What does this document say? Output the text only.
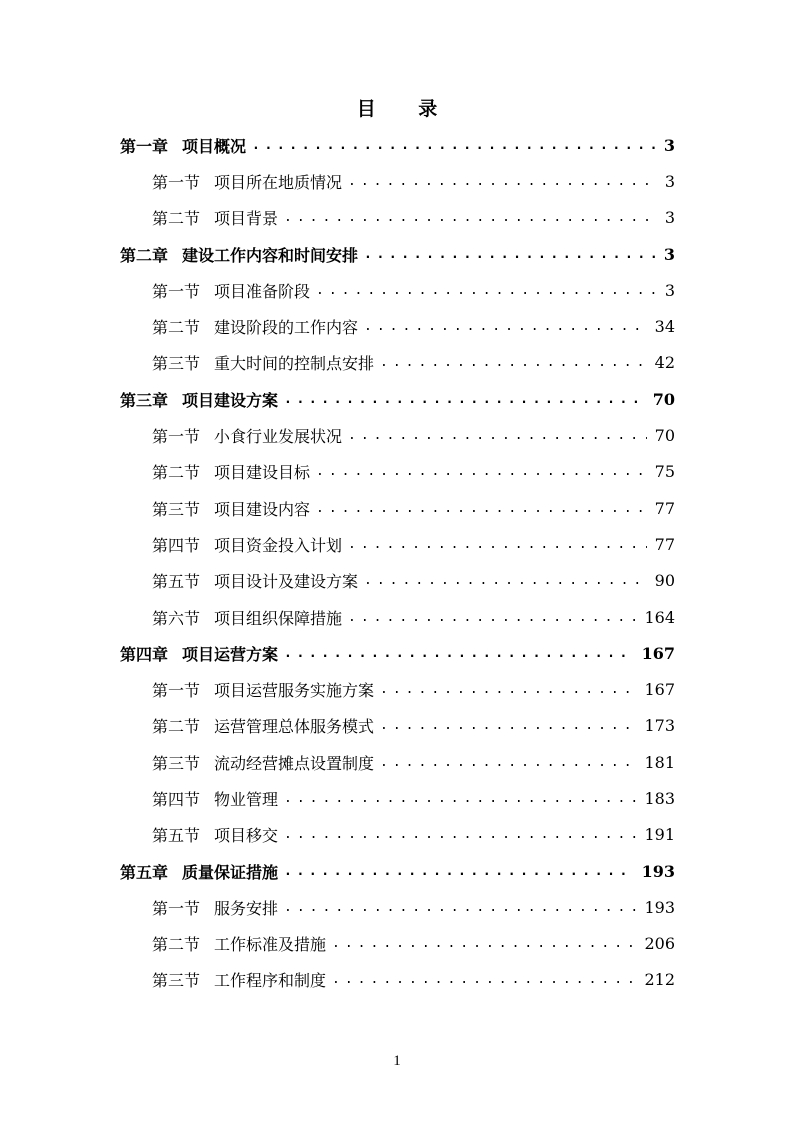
目 录
第一章 项目概况 .....	3
第一节 项目所在地质情况 .....	3
第二节 项目背景 .....	3
第二章 建设工作内容和时间安排 .....	3
第一节 项目准备阶段 .....	3
第二节 建设阶段的工作内容 .....	34
第三节 重大时间的控制点安排 .....	42
第三章 项目建设方案 .....	70
第一节 小食行业发展状况 .....	70
第二节 项目建设目标 .....	75
第三节 项目建设内容 .....	77
第四节 项目资金投入计划 .....	77
第五节 项目设计及建设方案 .....	90
第六节 项目组织保障措施 .....	164
第四章 项目运营方案 .....	167
第一节 项目运营服务实施方案 .....	167
第二节 运营管理总体服务模式 .....	173
第三节 流动经营摊点设置制度 .....	181
第四节 物业管理 .....	183
第五节 项目移交 .....	191
第五章 质量保证措施 .....	193
第一节 服务安排 .....	193
第二节 工作标准及措施 .....	206
第三节 工作程序和制度 .....	212
1
